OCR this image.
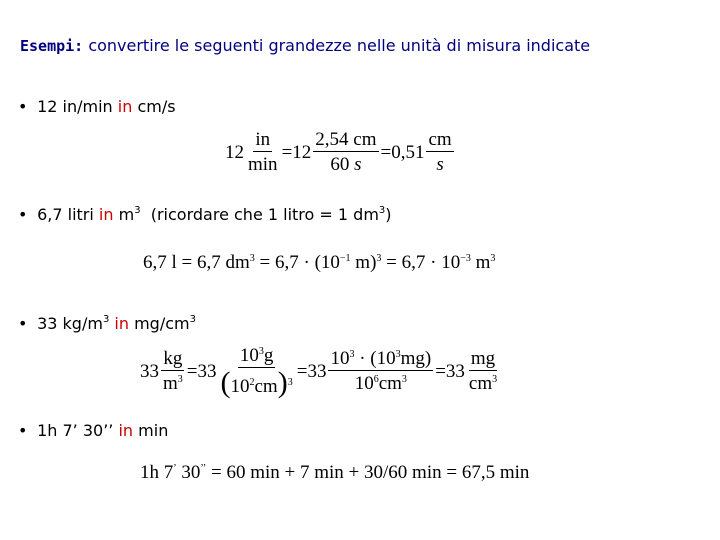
Esempi: convertire le seguenti grandezze nelle unità di misura indicate
• 12 in/min in cm/s
$12 \frac{in}{\min} = 12 \frac{2,54 cm}{60 s} = 0,51 \frac{cm}{s}$
• 6,7 litri in $m^3$ (ricordare che 1 litro = 1 $dm^3$)
6,7 l = 6,7 $dm^3 = 6,7 \cdot (10^{-1}$ $m)^3 = 6,7 \cdot 10^{-3}$ $m^3$
• 33 $kg/m^3$ in $mg/cm^3$
$33 \frac{kg}{m^3} = 33 \frac{10^3g}{(10^2cm)^3} = 33 \frac{10^3 \cdot (10^3mg)}{10^6cm^3} = 33 \frac{mg}{cm^3}$
• 1h 7’ 30’’ in min
1h 7’ 30’’ = 60 min + 7 min + 30/60 min = 67,5 min
